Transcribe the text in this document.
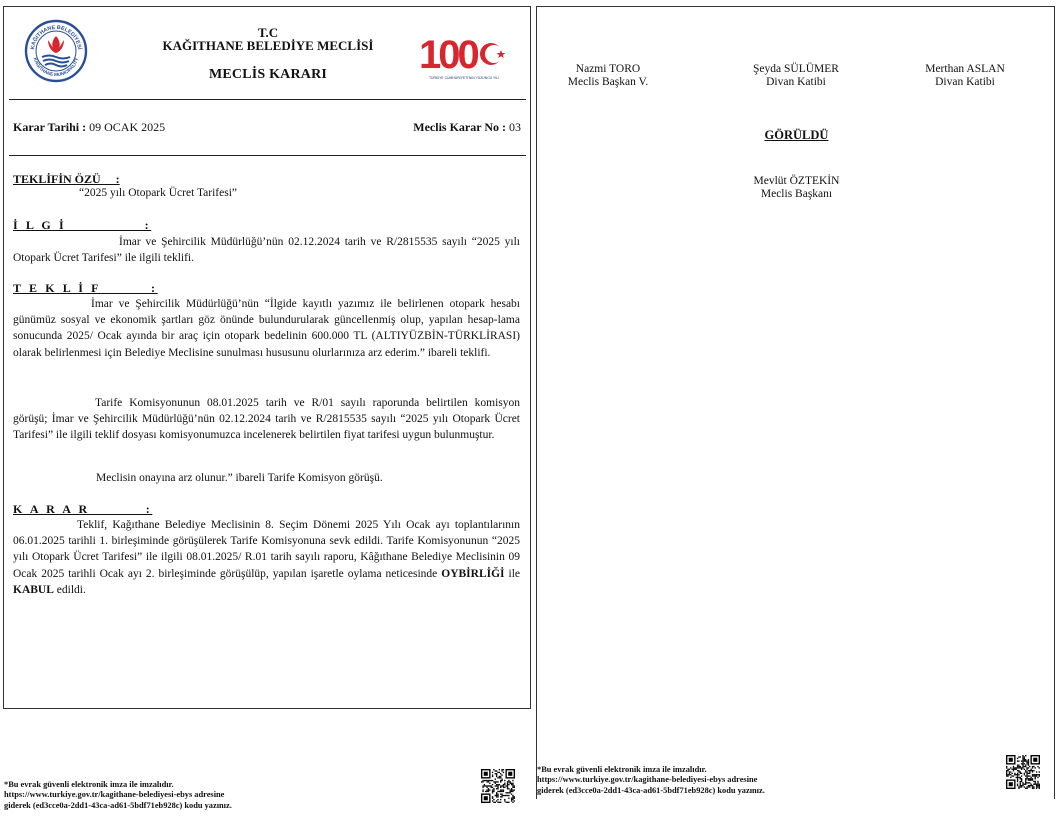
KAĞITHANE BELEDİYESİ
KAĞITHANE MUNICIPALITY
T.C
KAĞITHANE BELEDİYE MECLİSİ
MECLİS KARARI	100
TÜRKİYE CUMHURİYETİ'NİN YÜZÜNCÜ YILI
Karar Tarihi : 09 OCAK 2025	Meclis Karar No : 03
TEKLİFİN ÖZÜ     :
“2025 yılı Otopark Ücret Tarifesi”
İ L G İ              :

İmar ve Şehircilik Müdürlüğü’nün 02.12.2024 tarih ve R/2815535 sayılı “2025 yılı Otopark Ücret Tarifesi” ile ilgili teklifi.

T E K L İ F         :

İmar ve Şehircilik Müdürlüğü’nün “İlgide kayıtlı yazımız ile belirlenen otopark hesabı günümüz sosyal ve ekonomik şartları göz önünde bulundurularak güncellenmiş olup, yapılan hesap-lama sonucunda 2025/ Ocak ayında bir araç için otopark bedelinin 600.000 TL (ALTIYÜZBİN-TÜRKLİRASI) olarak belirlenmesi için Belediye Meclisine sunulması hususunu olurlarınıza arz ederim.” ibareli teklifi.

Tarife Komisyonunun 08.01.2025 tarih ve R/01 sayılı raporunda belirtilen komisyon görüşü; İmar ve Şehircilik Müdürlüğü’nün 02.12.2024 tarih ve R/2815535 sayılı “2025 yılı Otopark Ücret Tarifesi” ile ilgili teklif dosyası komisyonumuzca incelenerek belirtilen fiyat tarifesi uygun bulunmuştur.

Meclisin onayına arz olunur.” ibareli Tarife Komisyon görüşü.
K A R A R          :

Teklif, Kağıthane Belediye Meclisinin 8. Seçim Dönemi 2025 Yılı Ocak ayı toplantılarının 06.01.2025 tarihli 1. birleşiminde görüşülerek Tarife Komisyonuna sevk edildi. Tarife Komisyonunun “2025 yılı Otopark Ücret Tarifesi” ile ilgili 08.01.2025/ R.01 tarih sayılı raporu, Kâğıthane Belediye Meclisinin 09 Ocak 2025 tarihli Ocak ayı 2. birleşiminde görüşülüp, yapılan işaretle oylama neticesinde OYBİRLİĞİ ile KABUL edildi.

Nazmi TORO
Meclis Başkan V.
Şeyda SÜLÜMER
Divan Katibi
Merthan ASLAN
Divan Katibi
GÖRÜLDÜ
Mevlüt ÖZTEKİN
Meclis Başkanı
*Bu evrak güvenli elektronik imza ile imzalıdır.
https://www.turkiye.gov.tr/kagithane-belediyesi-ebys adresine
giderek (ed3cce0a-2dd1-43ca-ad61-5bdf71eb928c) kodu yazınız.
*Bu evrak güvenli elektronik imza ile imzalıdır.
https://www.turkiye.gov.tr/kagithane-belediyesi-ebys adresine
giderek (ed3cce0a-2dd1-43ca-ad61-5bdf71eb928c) kodu yazınız.
